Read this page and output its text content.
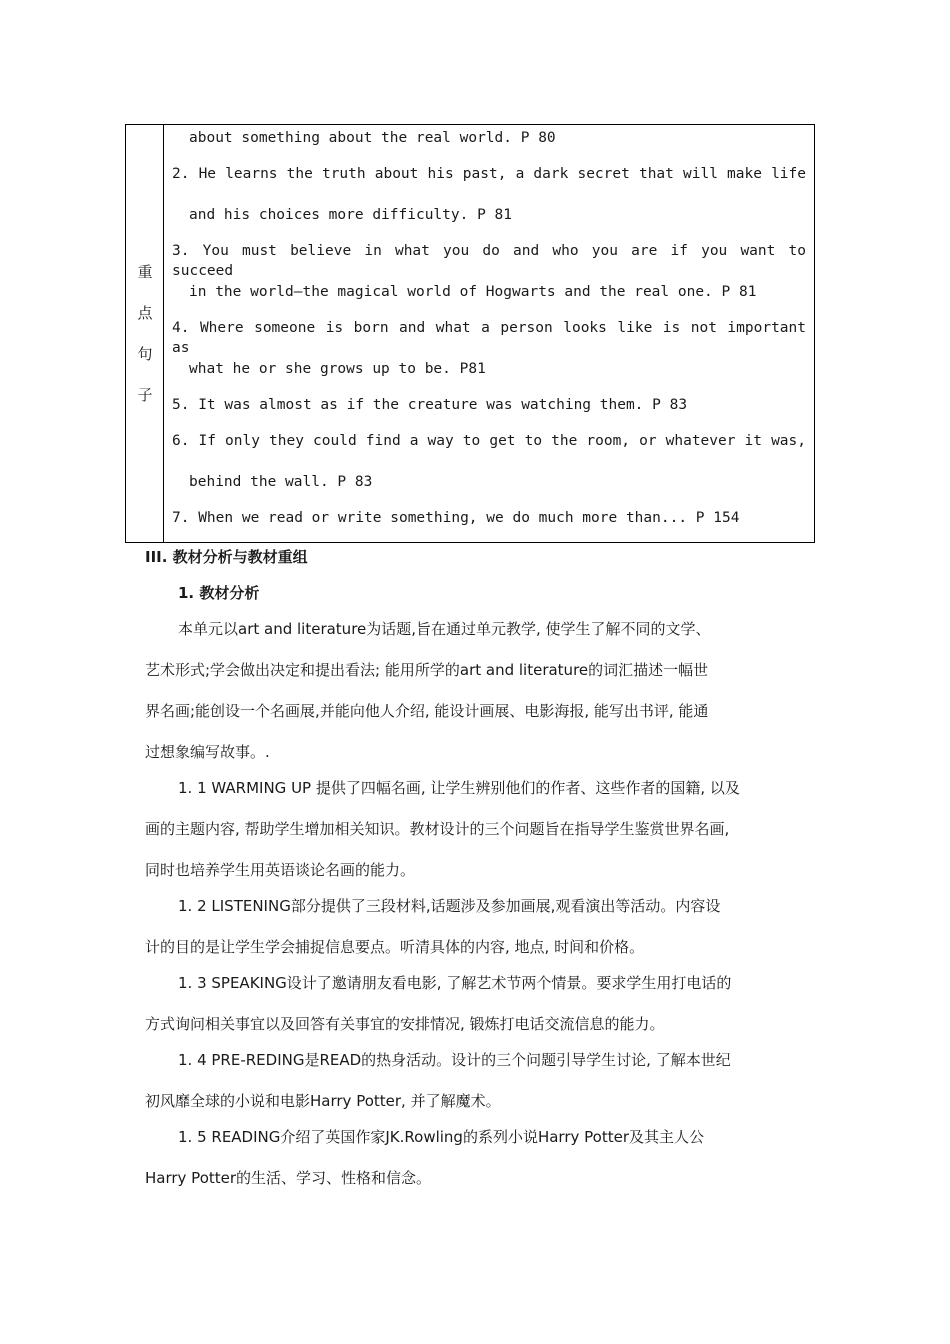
重
点
句
子
about something about the real world. P 80
2. He learns the truth about his past, a dark secret that will make life
and his choices more difficulty. P 81
3. You must believe in what you do and who you are if you want to succeed
in the world—the magical world of Hogwarts and the real one. P 81
4. Where someone is born and what a person looks like is not important as
what he or she grows up to be. P81
5. It was almost as if the creature was watching them. P 83
6. If only they could find a way to get to the room, or whatever it was,
behind the wall. P 83
7. When we read or write something, we do much more than... P 154
III. 教材分析与教材重组
1. 教材分析
本单元以art and literature为话题,旨在通过单元教学, 使学生了解不同的文学、
艺术形式;学会做出决定和提出看法; 能用所学的art and literature的词汇描述一幅世
界名画;能创设一个名画展,并能向他人介绍, 能设计画展、电影海报, 能写出书评, 能通
过想象编写故事。.
1. 1 WARMING UP 提供了四幅名画, 让学生辨别他们的作者、这些作者的国籍, 以及
画的主题内容, 帮助学生增加相关知识。教材设计的三个问题旨在指导学生鉴赏世界名画,
同时也培养学生用英语谈论名画的能力。
1. 2 LISTENING部分提供了三段材料,话题涉及参加画展,观看演出等活动。内容设
计的目的是让学生学会捕捉信息要点。听清具体的内容, 地点, 时间和价格。
1. 3 SPEAKING设计了邀请朋友看电影, 了解艺术节两个情景。要求学生用打电话的
方式询问相关事宜以及回答有关事宜的安排情况, 锻炼打电话交流信息的能力。
1. 4 PRE-REDING是READ的热身活动。设计的三个问题引导学生讨论, 了解本世纪
初风靡全球的小说和电影Harry Potter, 并了解魔术。
1. 5 READING介绍了英国作家JK.Rowling的系列小说Harry Potter及其主人公
Harry Potter的生活、学习、性格和信念。
